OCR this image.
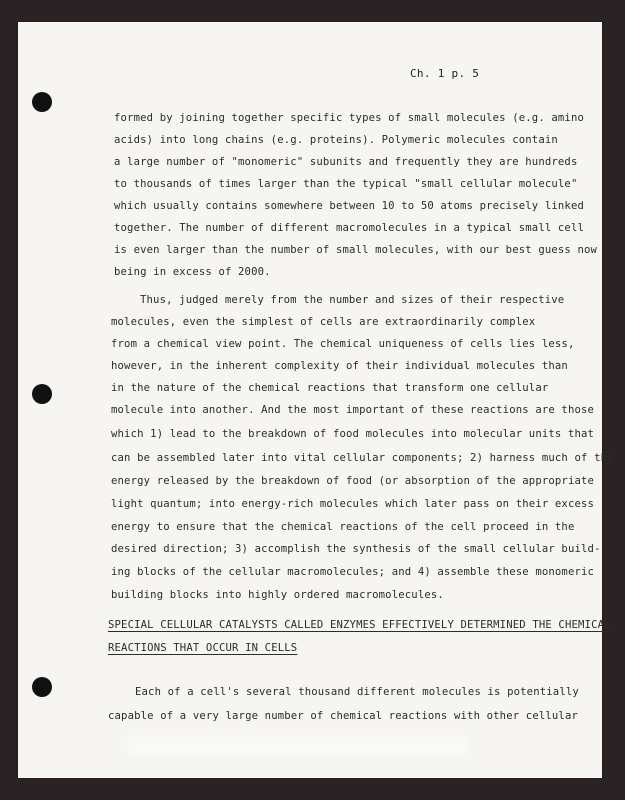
Ch. 1 p. 5
formed by joining together specific types of small molecules (e.g. amino
acids) into long chains (e.g. proteins). Polymeric molecules contain
a large number of "monomeric" subunits and frequently they are hundreds
to thousands of times larger than the typical "small cellular molecule"
which usually contains somewhere between 10 to 50 atoms precisely linked
together. The number of different macromolecules in a typical small cell
is even larger than the number of small molecules, with our best guess now
being in excess of 2000.
Thus, judged merely from the number and sizes of their respective
molecules, even the simplest of cells are extraordinarily complex
from a chemical view point. The chemical uniqueness of cells lies less,
however, in the inherent complexity of their individual molecules than
in the nature of the chemical reactions that transform one cellular
molecule into another. And the most important of these reactions are those
which 1) lead to the breakdown of food molecules into molecular units that
can be assembled later into vital cellular components; 2) harness much of the
energy released by the breakdown of food (or absorption of the appropriate
light quantum; into energy-rich molecules which later pass on their excess
energy to ensure that the chemical reactions of the cell proceed in the
desired direction; 3) accomplish the synthesis of the small cellular build-
ing blocks of the cellular macromolecules; and 4) assemble these monomeric
building blocks into highly ordered macromolecules.
SPECIAL CELLULAR CATALYSTS CALLED ENZYMES EFFECTIVELY DETERMINED THE CHEMICAL
REACTIONS THAT OCCUR IN CELLS
Each of a cell's several thousand different molecules is potentially
capable of a very large number of chemical reactions with other cellular
